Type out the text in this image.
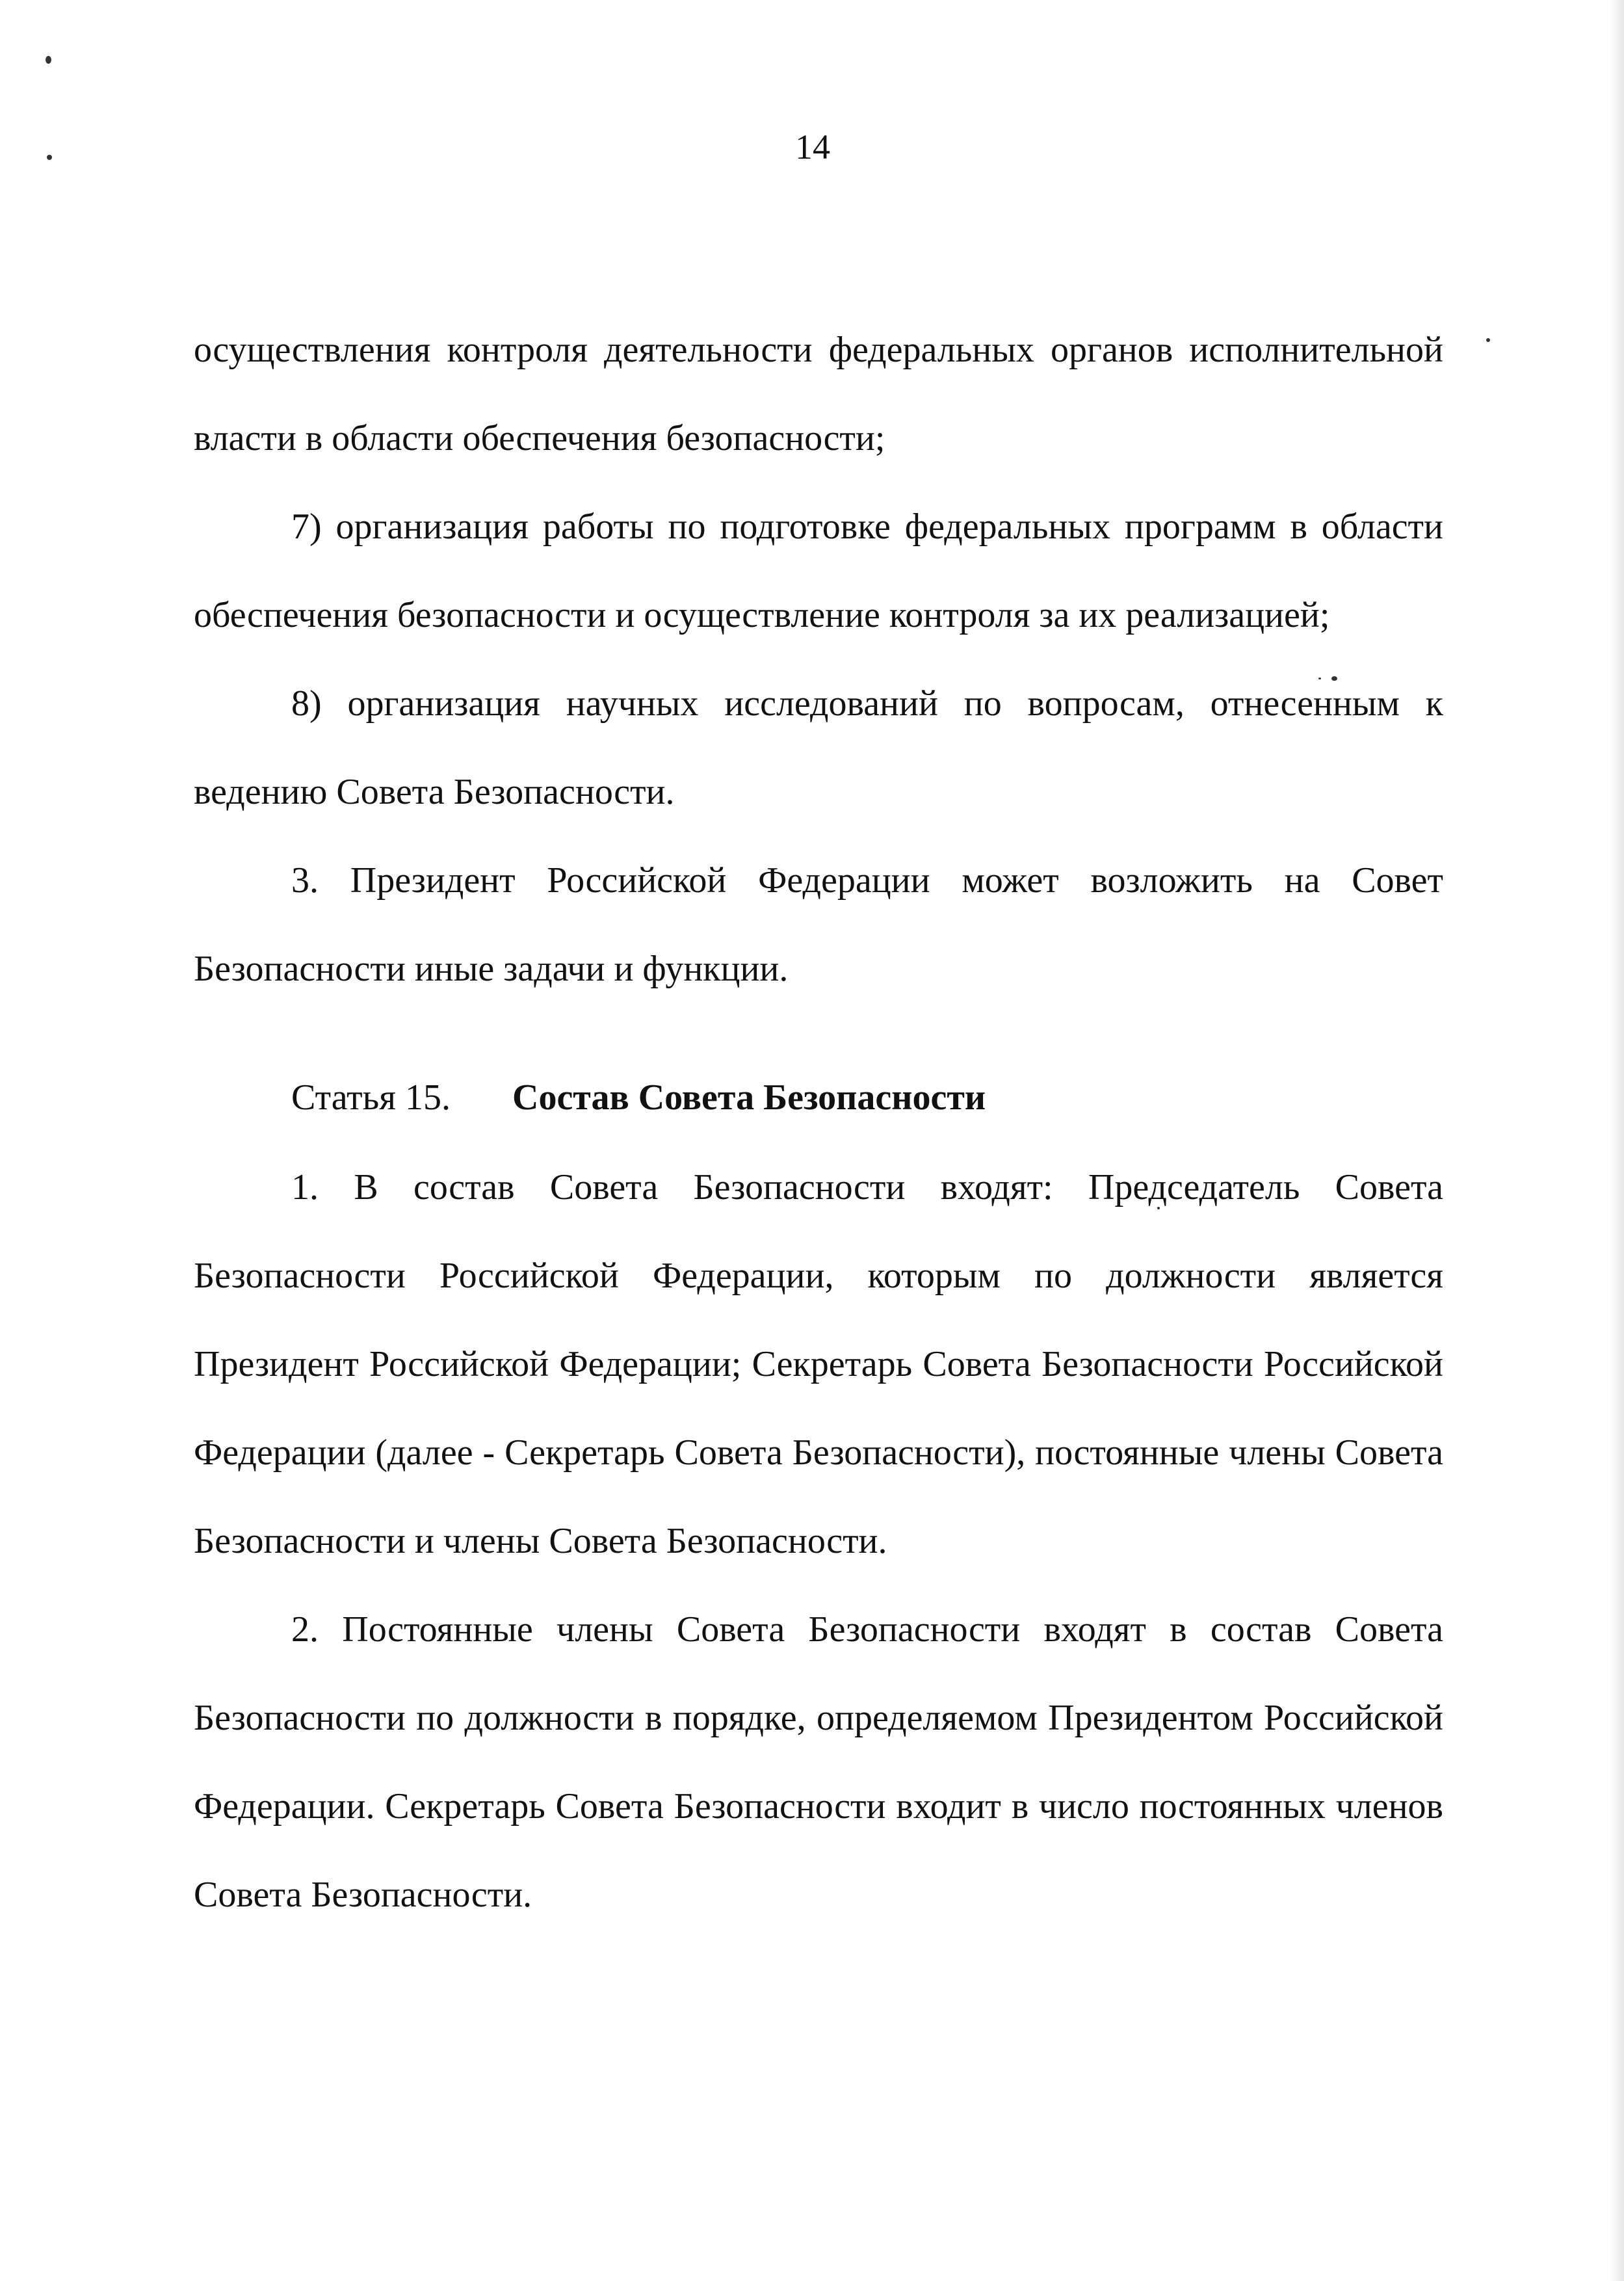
14

осуществления контроля деятельности федеральных органов исполнительной власти в области обеспечения безопасности;

7) организация работы по подготовке федеральных программ в области обеспечения безопасности и осуществление контроля за их реализацией;

8) организация научных исследований по вопросам, отнесенным к ведению Совета Безопасности.

3. Президент Российской Федерации может возложить на Совет Безопасности иные задачи и функции.

Статья 15. Состав Совета Безопасности

1. В состав Совета Безопасности входят: Председатель Совета Безопасности Российской Федерации, которым по должности является Президент Российской Федерации; Секретарь Совета Безопасности Российской Федерации (далее - Секретарь Совета Безопасности), постоянные члены Совета Безопасности и члены Совета Безопасности.

2. Постоянные члены Совета Безопасности входят в состав Совета Безопасности по должности в порядке, определяемом Президентом Российской Федерации. Секретарь Совета Безопасности входит в число постоянных членов Совета Безопасности.
